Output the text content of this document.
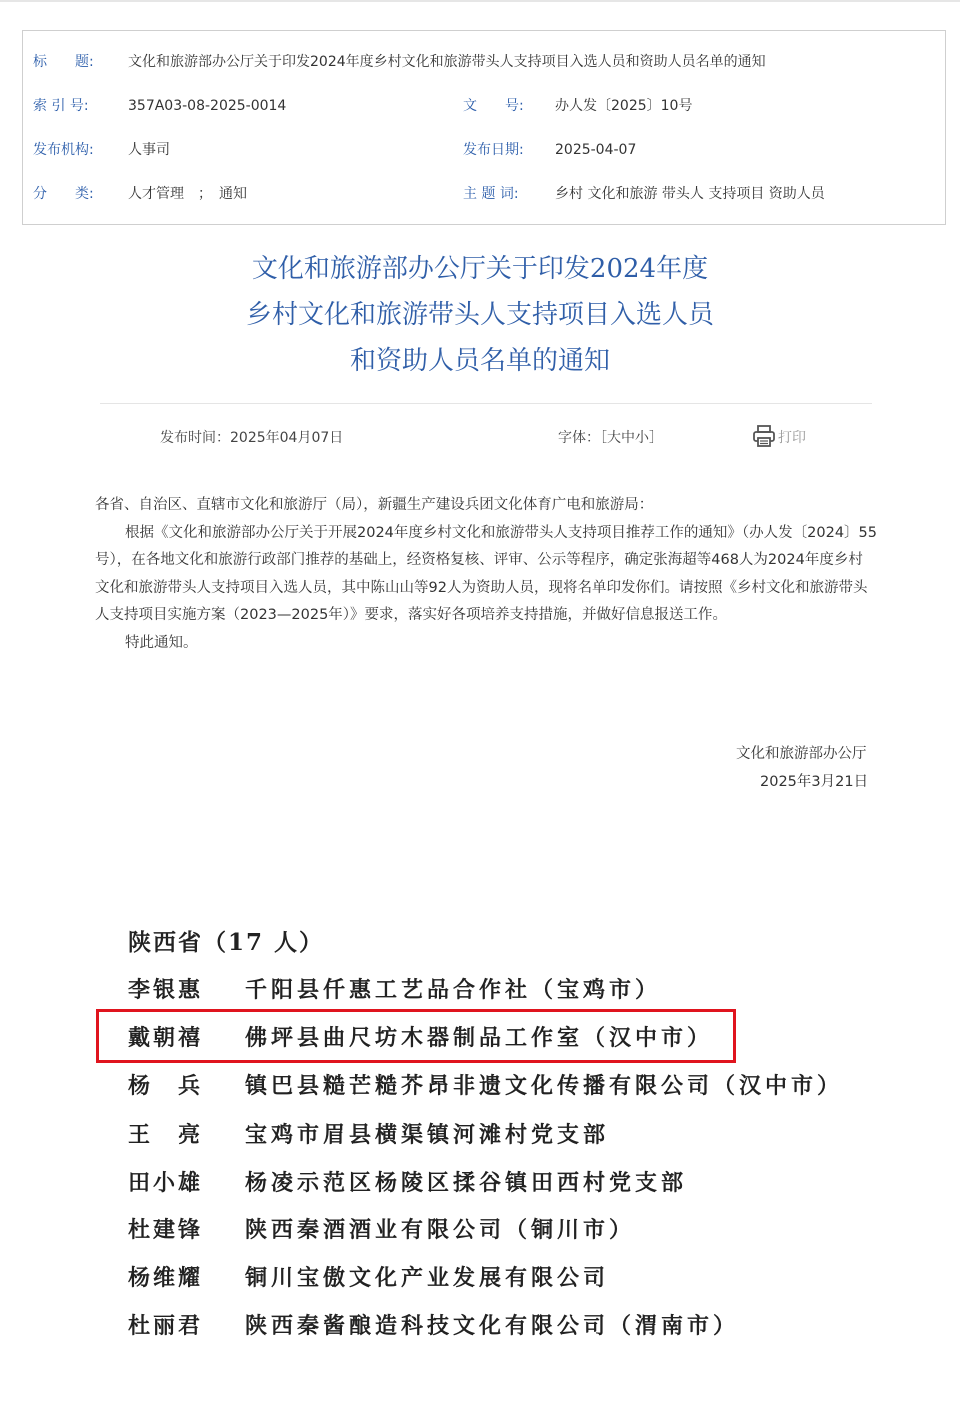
标　　题: 文化和旅游部办公厅关于印发2024年度乡村文化和旅游带头人支持项目入选人员和资助人员名单的通知
索 引 号:	357A03-08-2025-0014	文　　号: 办人发〔2025〕10号
发布机构: 人事司	发布日期: 2025-04-07
分　　类: 人才管理　；　通知	主 题 词:	乡村 文化和旅游 带头人 支持项目 资助人员
文化和旅游部办公厅关于印发2024年度
乡村文化和旅游带头人支持项目入选人员
和资助人员名单的通知
发布时间：2025年04月07日	字体：［大中小］	打印

各省、自治区、直辖市文化和旅游厅（局），新疆生产建设兵团文化体育广电和旅游局：

根据《文化和旅游部办公厅关于开展2024年度乡村文化和旅游带头人支持项目推荐工作的通知》（办人发〔2024〕55号），在各地文化和旅游行政部门推荐的基础上，经资格复核、评审、公示等程序，确定张海超等468人为2024年度乡村文化和旅游带头人支持项目入选人员，其中陈山山等92人为资助人员，现将名单印发你们。请按照《乡村文化和旅游带头人支持项目实施方案（2023—2025年）》要求，落实好各项培养支持措施，并做好信息报送工作。

特此通知。

文化和旅游部办公厅
2025年3月21日
陕西省（17 人）
李银惠 千阳县仟惠工艺品合作社（宝鸡市）
戴朝禧 佛坪县曲尺坊木器制品工作室（汉中市）
杨　兵 镇巴县糙芒糙芥昂非遗文化传播有限公司（汉中市）
王　亮 宝鸡市眉县横渠镇河滩村党支部
田小雄 杨凌示范区杨陵区揉谷镇田西村党支部
杜建锋 陕西秦酒酒业有限公司（铜川市）
杨维耀 铜川宝傲文化产业发展有限公司
杜丽君 陕西秦酱酿造科技文化有限公司（渭南市）
